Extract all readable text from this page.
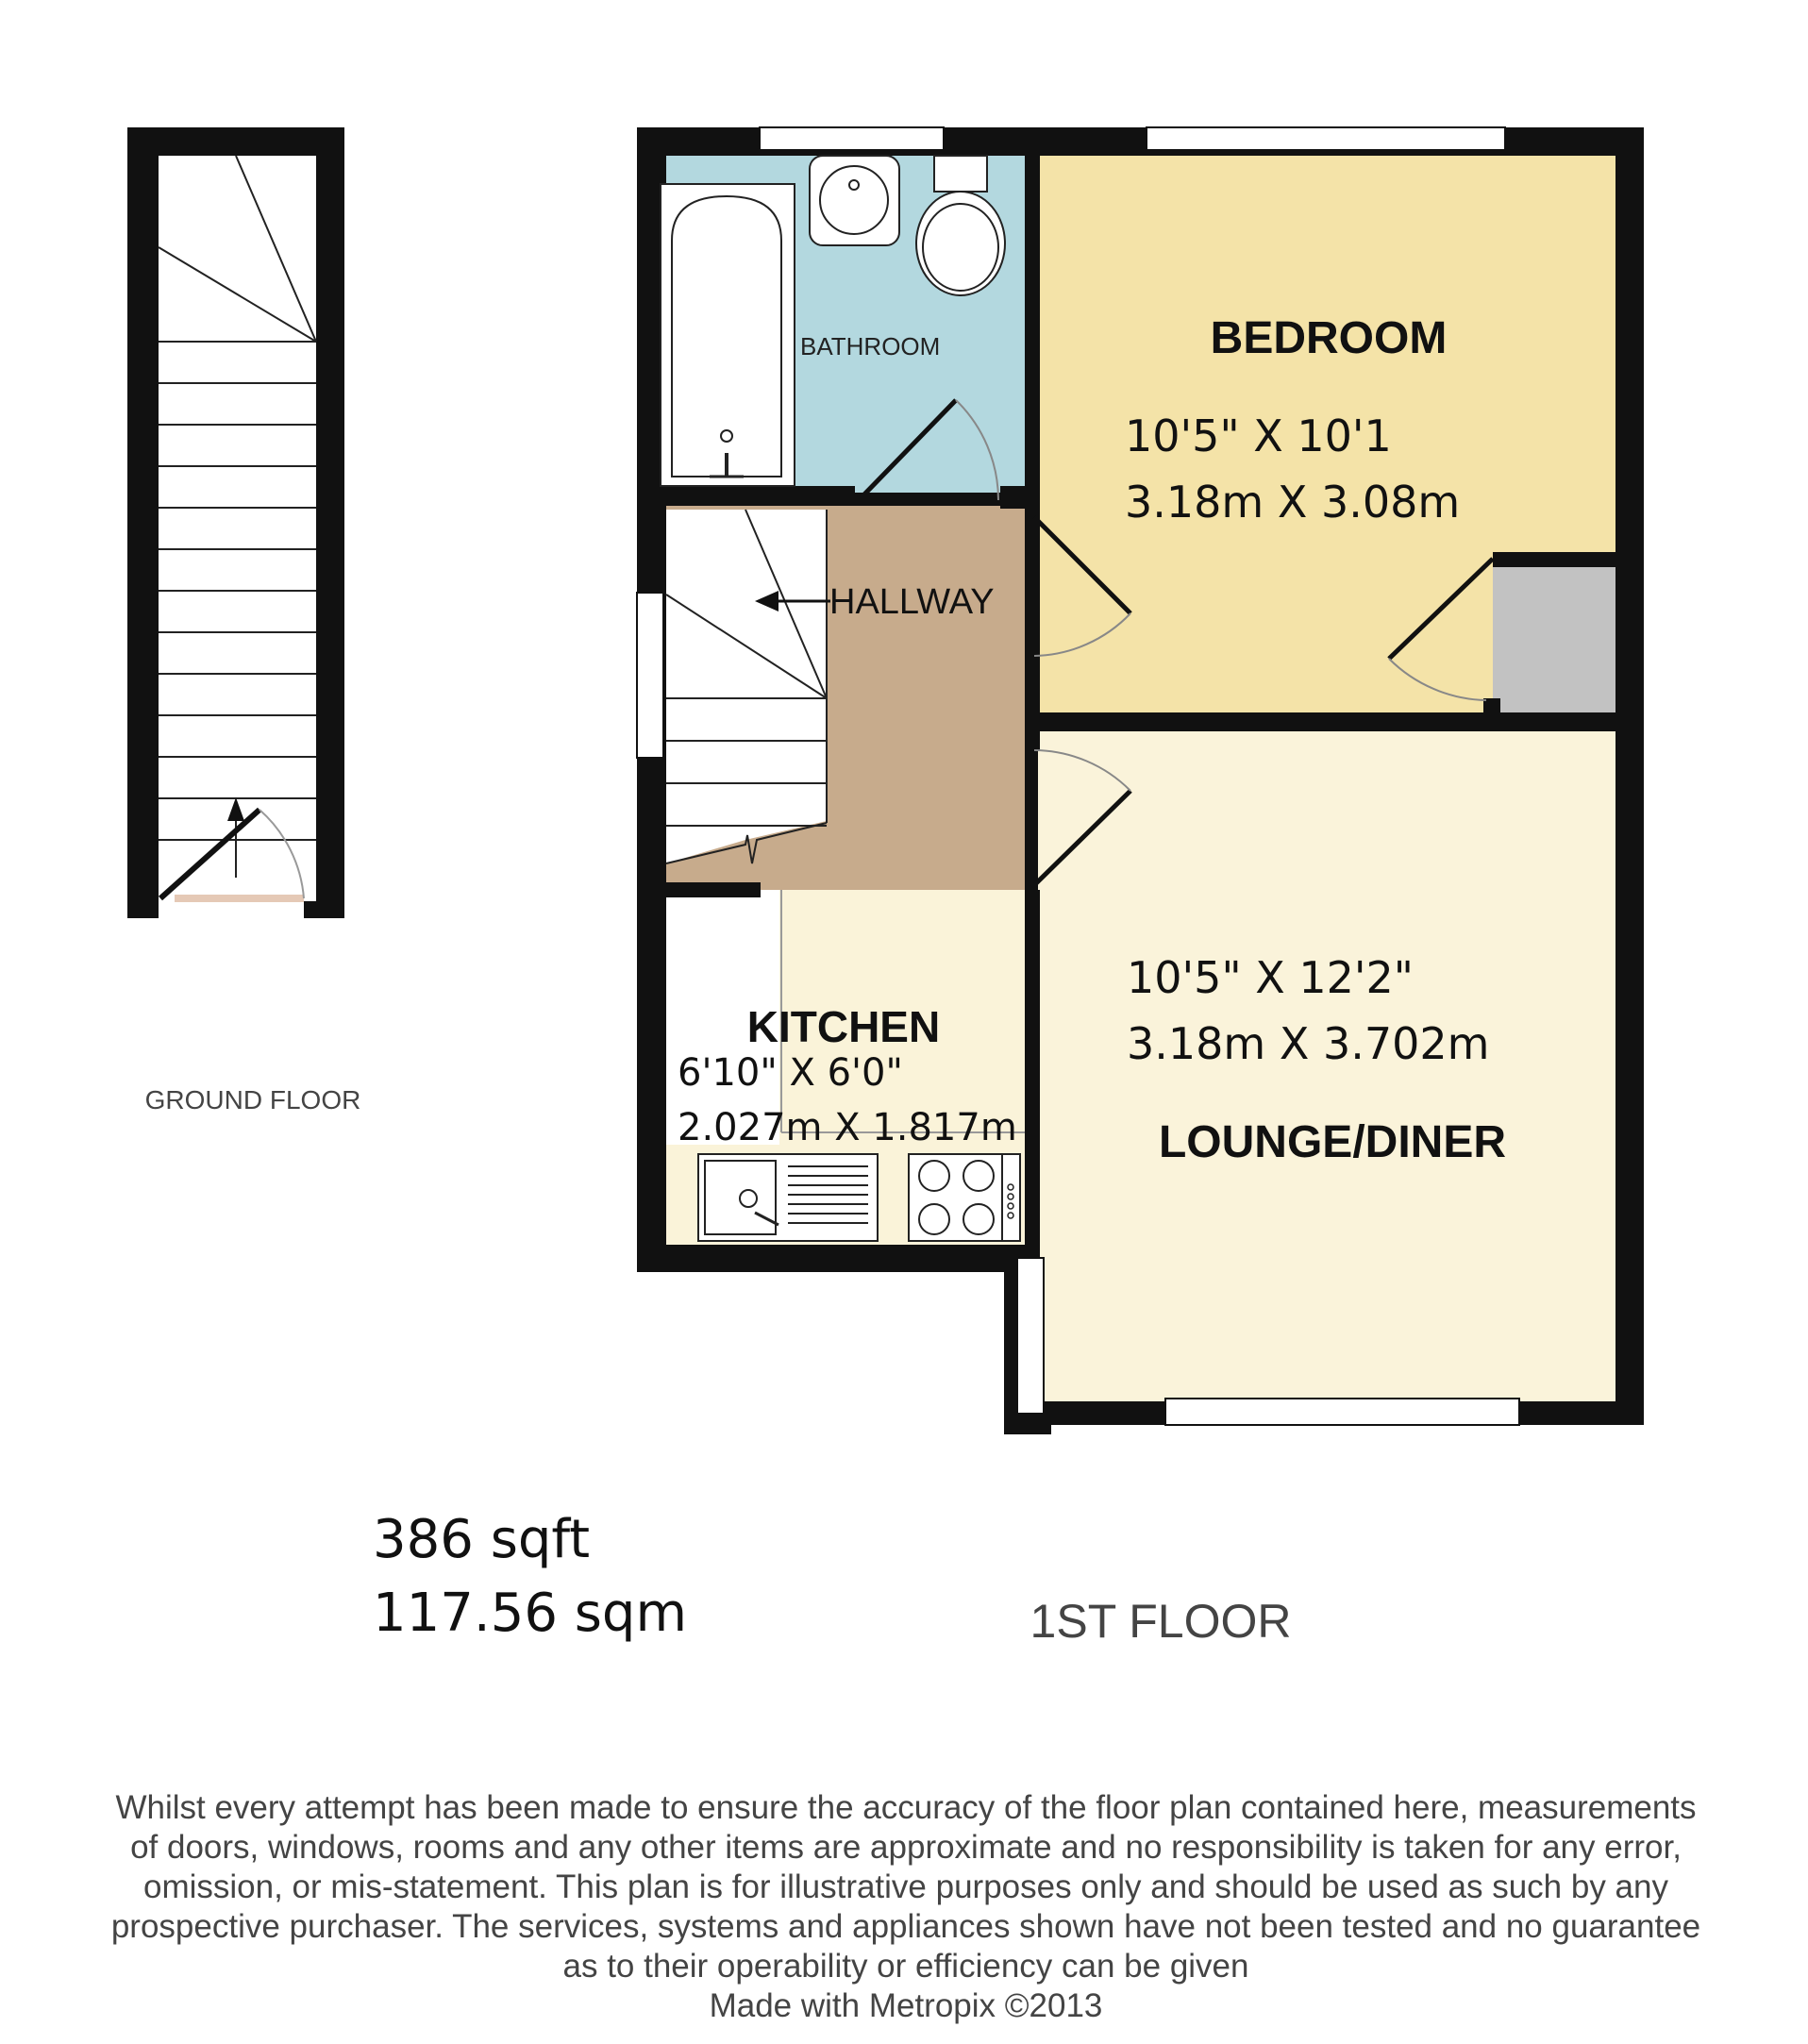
GROUND FLOOR
BATHROOM
HALLWAY
BEDROOM
10'5" X 10'1
3.18m X 3.08m
KITCHEN
6'10" X 6'0"
2.027m X 1.817m
10'5" X 12'2"
3.18m X 3.702m
LOUNGE/DINER
386 sqft
117.56 sqm	1ST FLOOR
Whilst every attempt has been made to ensure the accuracy of the floor plan contained here, measurements
of doors, windows, rooms and any other items are approximate and no responsibility is taken for any error,
omission, or mis-statement. This plan is for illustrative purposes only and should be used as such by any
prospective purchaser. The services, systems and appliances shown have not been tested and no guarantee
as to their operability or efficiency can be given
Made with Metropix ©2013
